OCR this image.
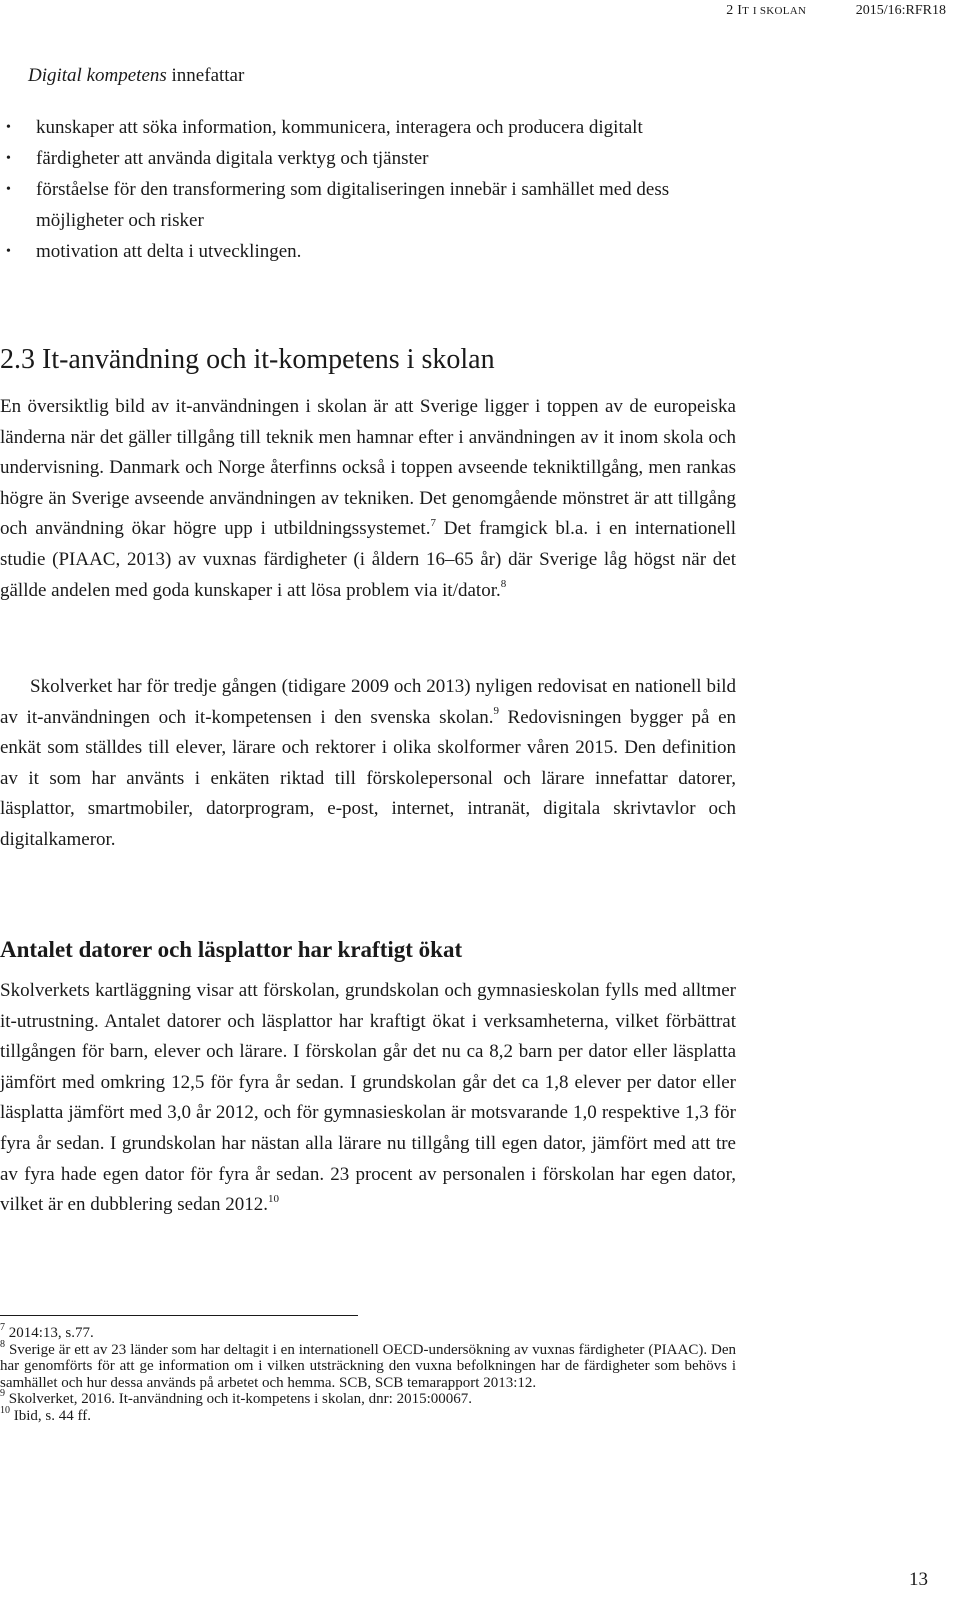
2 IT I SKOLAN	2015/16:RFR18
Digital kompetens innefattar
• kunskaper att söka information, kommunicera, interagera och producera digitalt
• färdigheter att använda digitala verktyg och tjänster
• förståelse för den transformering som digitaliseringen innebär i samhället med dess möjligheter och risker
• motivation att delta i utvecklingen.
2.3 It-användning och it-kompetens i skolan

En översiktlig bild av it-användningen i skolan är att Sverige ligger i toppen av de europeiska länderna när det gäller tillgång till teknik men hamnar efter i användningen av it inom skola och undervisning. Danmark och Norge återfinns också i toppen avseende tekniktillgång, men rankas högre än Sverige avseende användningen av tekniken. Det genomgående mönstret är att tillgång och användning ökar högre upp i utbildningssystemet.$^7$ Det framgick bl.a. i en internationell studie (PIAAC, 2013) av vuxnas färdigheter (i åldern 16–65 år) där Sverige låg högst när det gällde andelen med goda kunskaper i att lösa problem via it/dator.$^8$

Skolverket har för tredje gången (tidigare 2009 och 2013) nyligen redovisat en nationell bild av it-användningen och it-kompetensen i den svenska skolan.$^9$ Redovisningen bygger på en enkät som ställdes till elever, lärare och rektorer i olika skolformer våren 2015. Den definition av it som har använts i enkäten riktad till förskolepersonal och lärare innefattar datorer, läsplattor, smartmobiler, datorprogram, e-post, internet, intranät, digitala skrivtavlor och digitalkameror.

Antalet datorer och läsplattor har kraftigt ökat

Skolverkets kartläggning visar att förskolan, grundskolan och gymnasieskolan fylls med alltmer it-utrustning. Antalet datorer och läsplattor har kraftigt ökat i verksamheterna, vilket förbättrat tillgången för barn, elever och lärare. I förskolan går det nu ca 8,2 barn per dator eller läsplatta jämfört med omkring 12,5 för fyra år sedan. I grundskolan går det ca 1,8 elever per dator eller läsplatta jämfört med 3,0 år 2012, och för gymnasieskolan är motsvarande 1,0 respektive 1,3 för fyra år sedan. I grundskolan har nästan alla lärare nu tillgång till egen dator, jämfört med att tre av fyra hade egen dator för fyra år sedan. 23 procent av personalen i förskolan har egen dator, vilket är en dubblering sedan 2012.10

$^7$ 2014:13, s.77.
$^8$ Sverige är ett av 23 länder som har deltagit i en internationell OECD-undersökning av vuxnas färdigheter (PIAAC). Den har genomförts för att ge information om i vilken utsträckning den vuxna befolkningen har de färdigheter som behövs i samhället och hur dessa används på arbetet och hemma. SCB, SCB temarapport 2013:12.
$^9$ Skolverket, 2016. It-användning och it-kompetens i skolan, dnr: 2015:00067.
$^{10}$ Ibid, s. 44 ff.
13
